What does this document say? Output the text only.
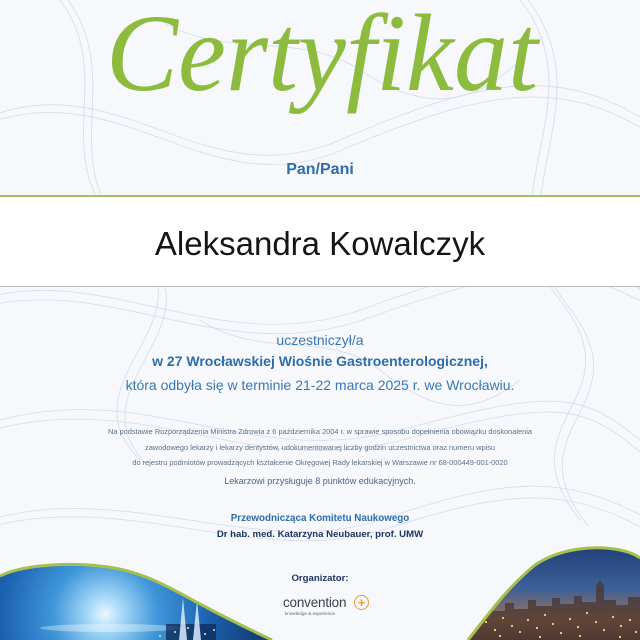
Certyfikat
Pan/Pani
Aleksandra Kowalczyk
uczestniczył/a
w 27 Wrocławskiej Wiośnie Gastroenterologicznej,
która odbyła się w terminie 21-22 marca 2025 r. we Wrocławiu.
Na podstawie Rozporządzenia Ministra Zdrowia z 6 października 2004 r. w sprawie sposobu dopełnienia obowiązku doskonalenia
zawodowego lekarzy i lekarzy dentystów, udokumentowanej liczby godzin uczestnictwa oraz numeru wpisu
do rejestru podmiotów prowadzących kształcenie Okręgowej Rady lekarskiej w Warszawie nr 68-000449-001-0020
Lekarzowi przysługuje 8 punktów edukacyjnych.
Przewodnicząca Komitetu Naukowego
Dr hab. med. Katarzyna Neubauer, prof. UMW
Organizator:
convention +
knowledge & experience
